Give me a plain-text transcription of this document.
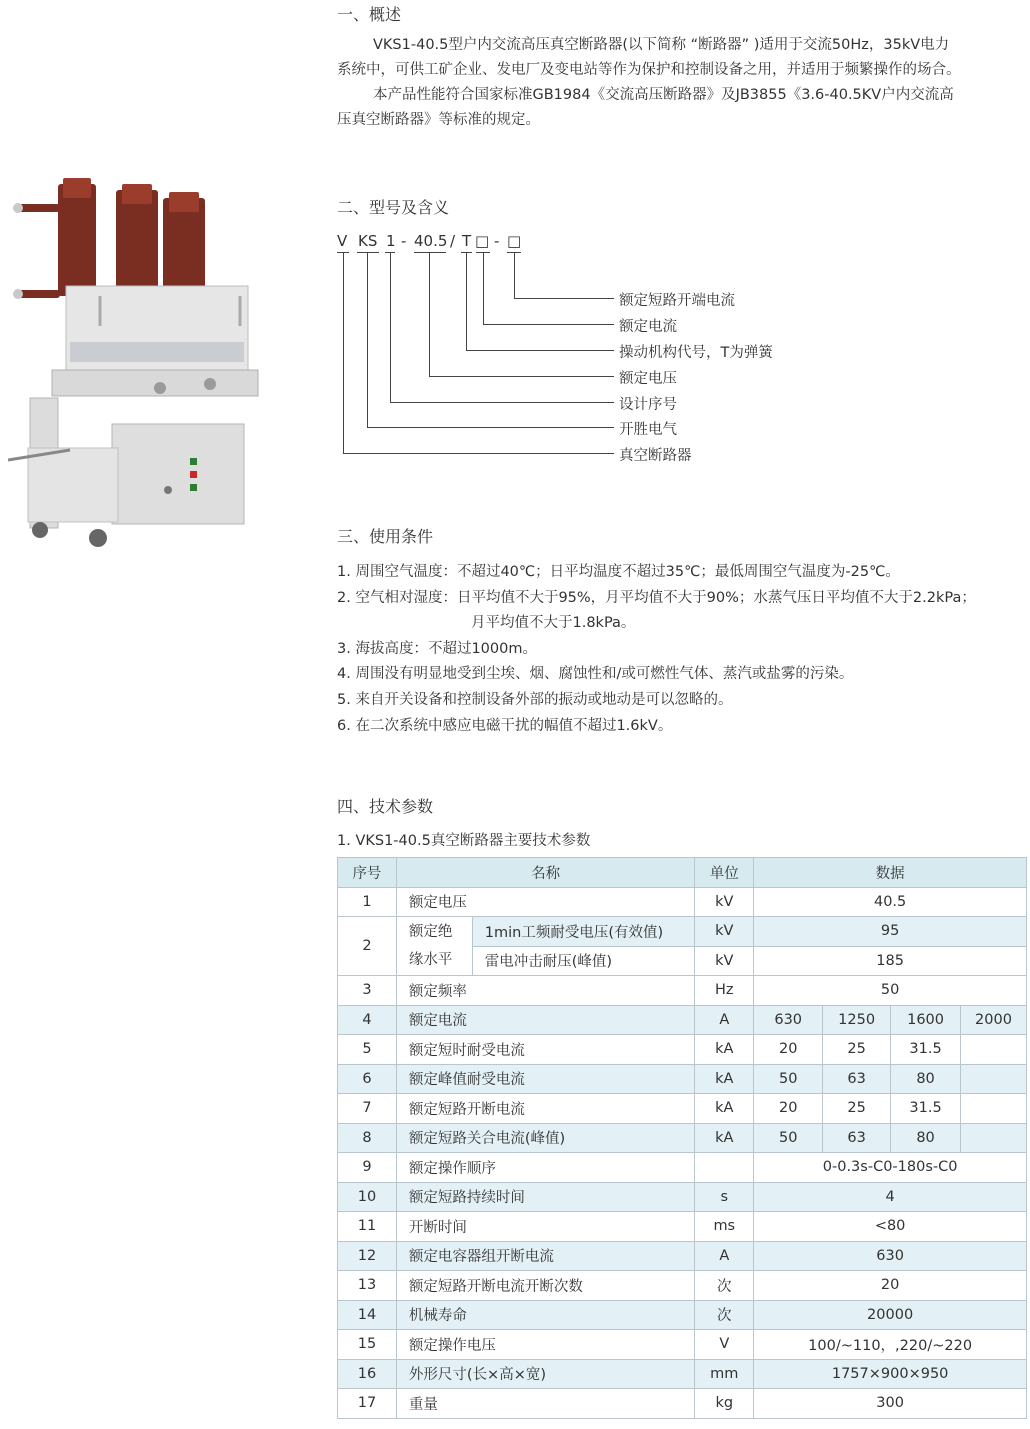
一、概述
VKS1-40.5型户内交流高压真空断路器(以下简称 “断路器” )适用于交流50Hz，35kV电力
系统中，可供工矿企业、发电厂及变电站等作为保护和控制设备之用，并适用于频繁操作的场合。
本产品性能符合国家标准GB1984《交流高压断路器》及JB3855《3.6-40.5KV户内交流高
压真空断路器》等标准的规定。
二、型号及含义
V KS 1 - 40.5 / T □ - □
额定短路开端电流
额定电流
操动机构代号，T为弹簧
额定电压
设计序号
开胜电气
真空断路器
三、使用条件
1. 周围空气温度：不超过40℃；日平均温度不超过35℃；最低周围空气温度为-25℃。
2. 空气相对湿度：日平均值不大于95%，月平均值不大于90%；水蒸气压日平均值不大于2.2kPa；
月平均值不大于1.8kPa。
3. 海拔高度：不超过1000m。
4. 周围没有明显地受到尘埃、烟、腐蚀性和/或可燃性气体、蒸汽或盐雾的污染。
5. 来自开关设备和控制设备外部的振动或地动是可以忽略的。
6. 在二次系统中感应电磁干扰的幅值不超过1.6kV。
四、技术参数
1. VKS1-40.5真空断路器主要技术参数
序号	名称		单位	数据			
1	额定电压		kV	40.5			
2	额定绝
缘水平	1min工频耐受电压(有效值)	kV	95			
		雷电冲击耐压(峰值)	kV	185			
3	额定频率		Hz	50			
4	额定电流		A	630	1250	1600	2000
5	额定短时耐受电流		kA	20	25	31.5	
6	额定峰值耐受电流		kA	50	63	80	
7	额定短路开断电流		kA	20	25	31.5	
8	额定短路关合电流(峰值)		kA	50	63	80	
9	额定操作顺序			0-0.3s-C0-180s-C0			
10	额定短路持续时间		s	4			
11	开断时间		ms	<80			
12	额定电容器组开断电流		A	630			
13	额定短路开断电流开断次数		次	20			
14	机械寿命		次	20000			
15	额定操作电压		V	100/~110，,220/~220			
16	外形尺寸(长×高×宽)		mm	1757×900×950			
17	重量		kg	300			
